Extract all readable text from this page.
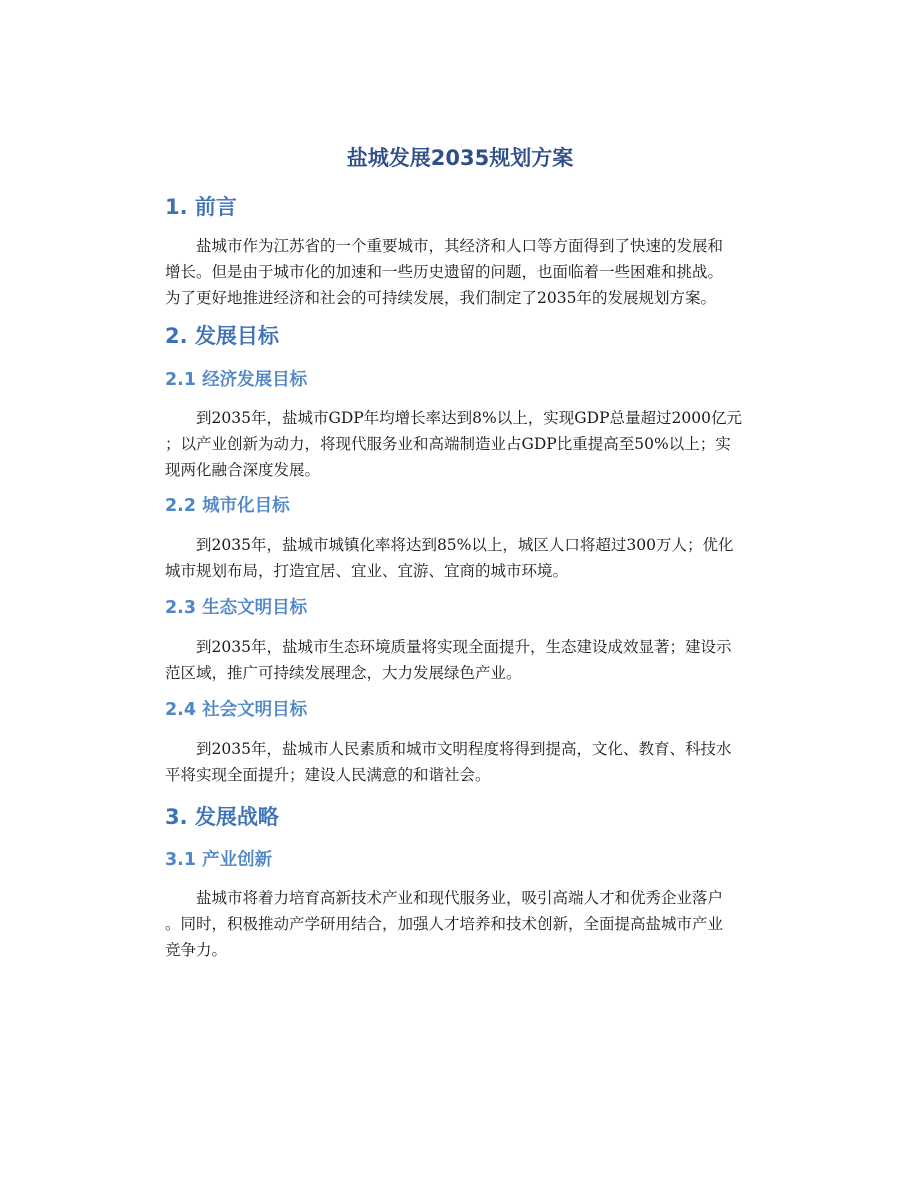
盐城发展2035规划方案
1. 前言
　　盐城市作为江苏省的一个重要城市，其经济和人口等方面得到了快速的发展和
增长。但是由于城市化的加速和一些历史遗留的问题，也面临着一些困难和挑战。
为了更好地推进经济和社会的可持续发展，我们制定了2035年的发展规划方案。
2. 发展目标
2.1 经济发展目标
　　到2035年，盐城市GDP年均增长率达到8%以上，实现GDP总量超过2000亿元
；以产业创新为动力，将现代服务业和高端制造业占GDP比重提高至50%以上；实
现两化融合深度发展。
2.2 城市化目标
　　到2035年，盐城市城镇化率将达到85%以上，城区人口将超过300万人；优化
城市规划布局，打造宜居、宜业、宜游、宜商的城市环境。
2.3 生态文明目标
　　到2035年，盐城市生态环境质量将实现全面提升，生态建设成效显著；建设示
范区域，推广可持续发展理念，大力发展绿色产业。
2.4 社会文明目标
　　到2035年，盐城市人民素质和城市文明程度将得到提高，文化、教育、科技水
平将实现全面提升；建设人民满意的和谐社会。
3. 发展战略
3.1 产业创新
　　盐城市将着力培育高新技术产业和现代服务业，吸引高端人才和优秀企业落户
。同时，积极推动产学研用结合，加强人才培养和技术创新，全面提高盐城市产业
竞争力。
